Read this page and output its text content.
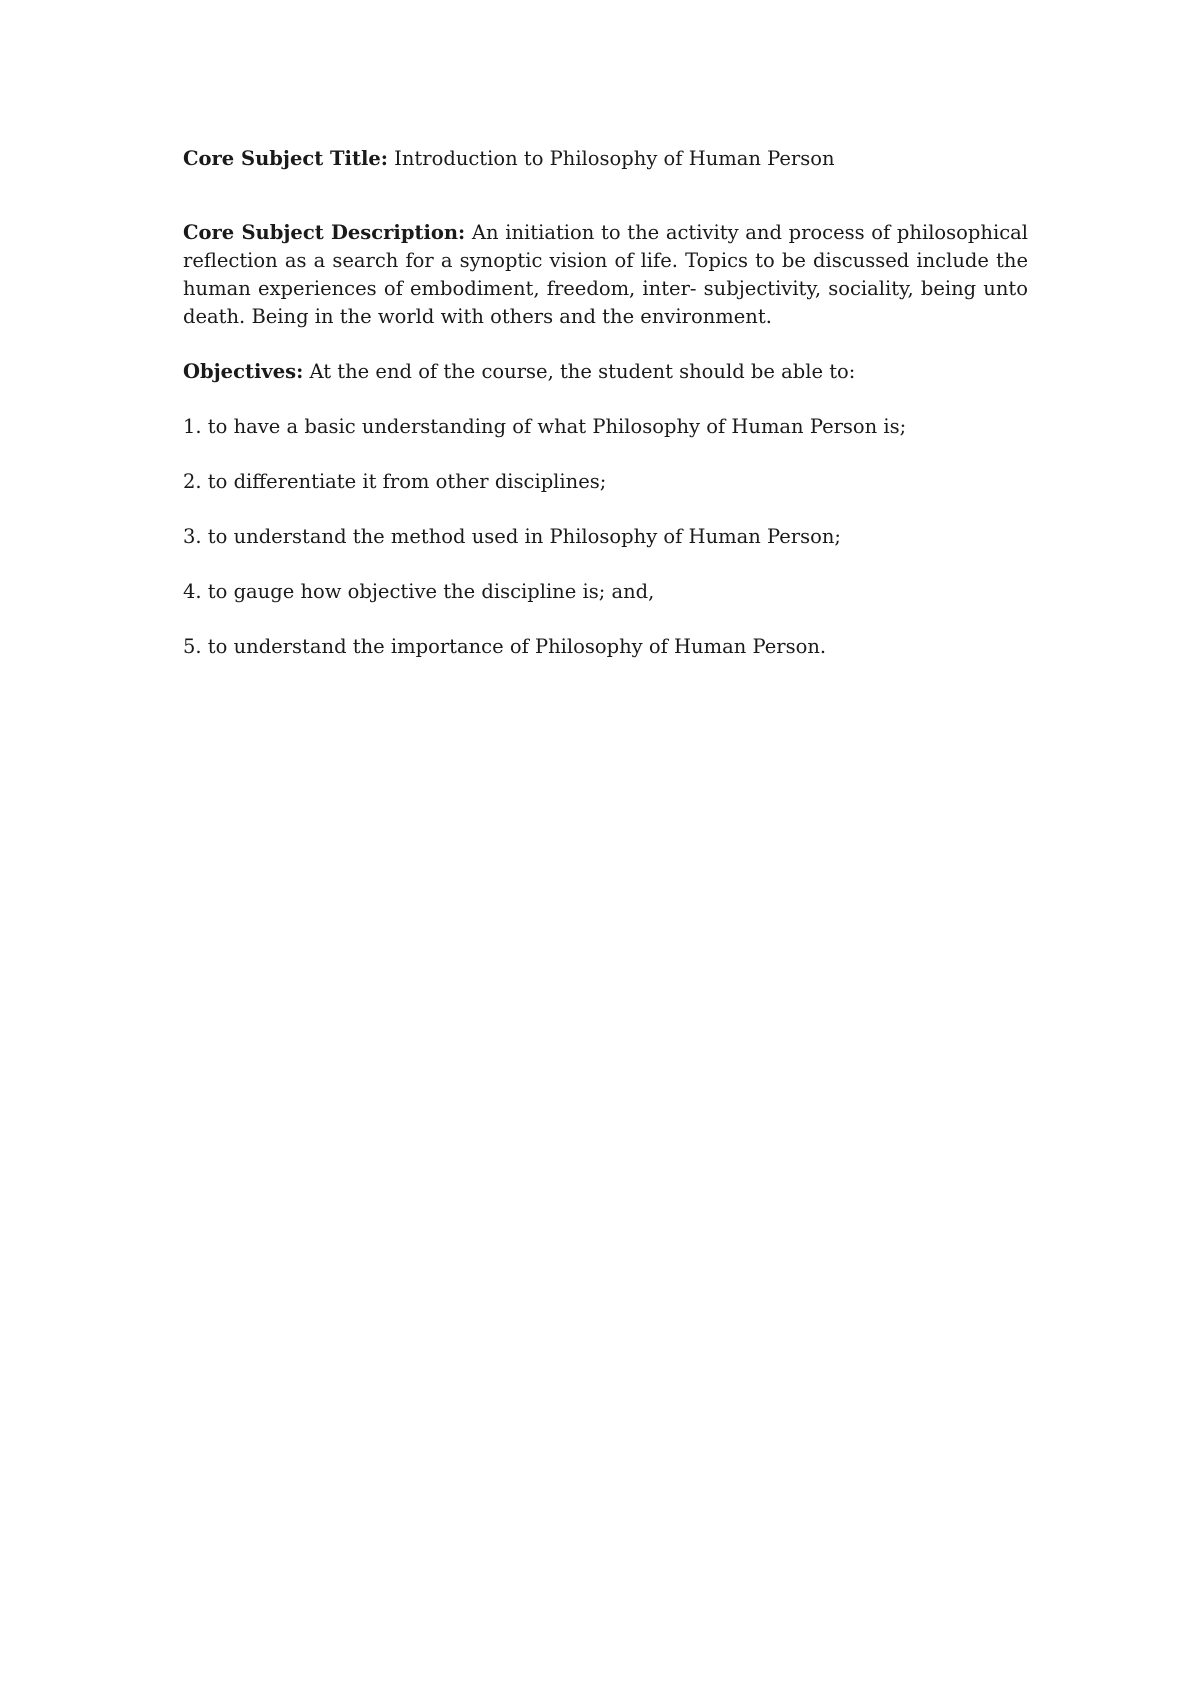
Core Subject Title: Introduction to Philosophy of Human Person

Core Subject Description: An initiation to the activity and process of philosophical reflection as a search for a synoptic vision of life. Topics to be discussed include the human experiences of embodiment, freedom, inter- subjectivity, sociality, being unto death. Being in the world with others and the environment.

Objectives: At the end of the course, the student should be able to:

1. to have a basic understanding of what Philosophy of Human Person is;
2. to differentiate it from other disciplines;
3. to understand the method used in Philosophy of Human Person;
4. to gauge how objective the discipline is; and,
5. to understand the importance of Philosophy of Human Person.
